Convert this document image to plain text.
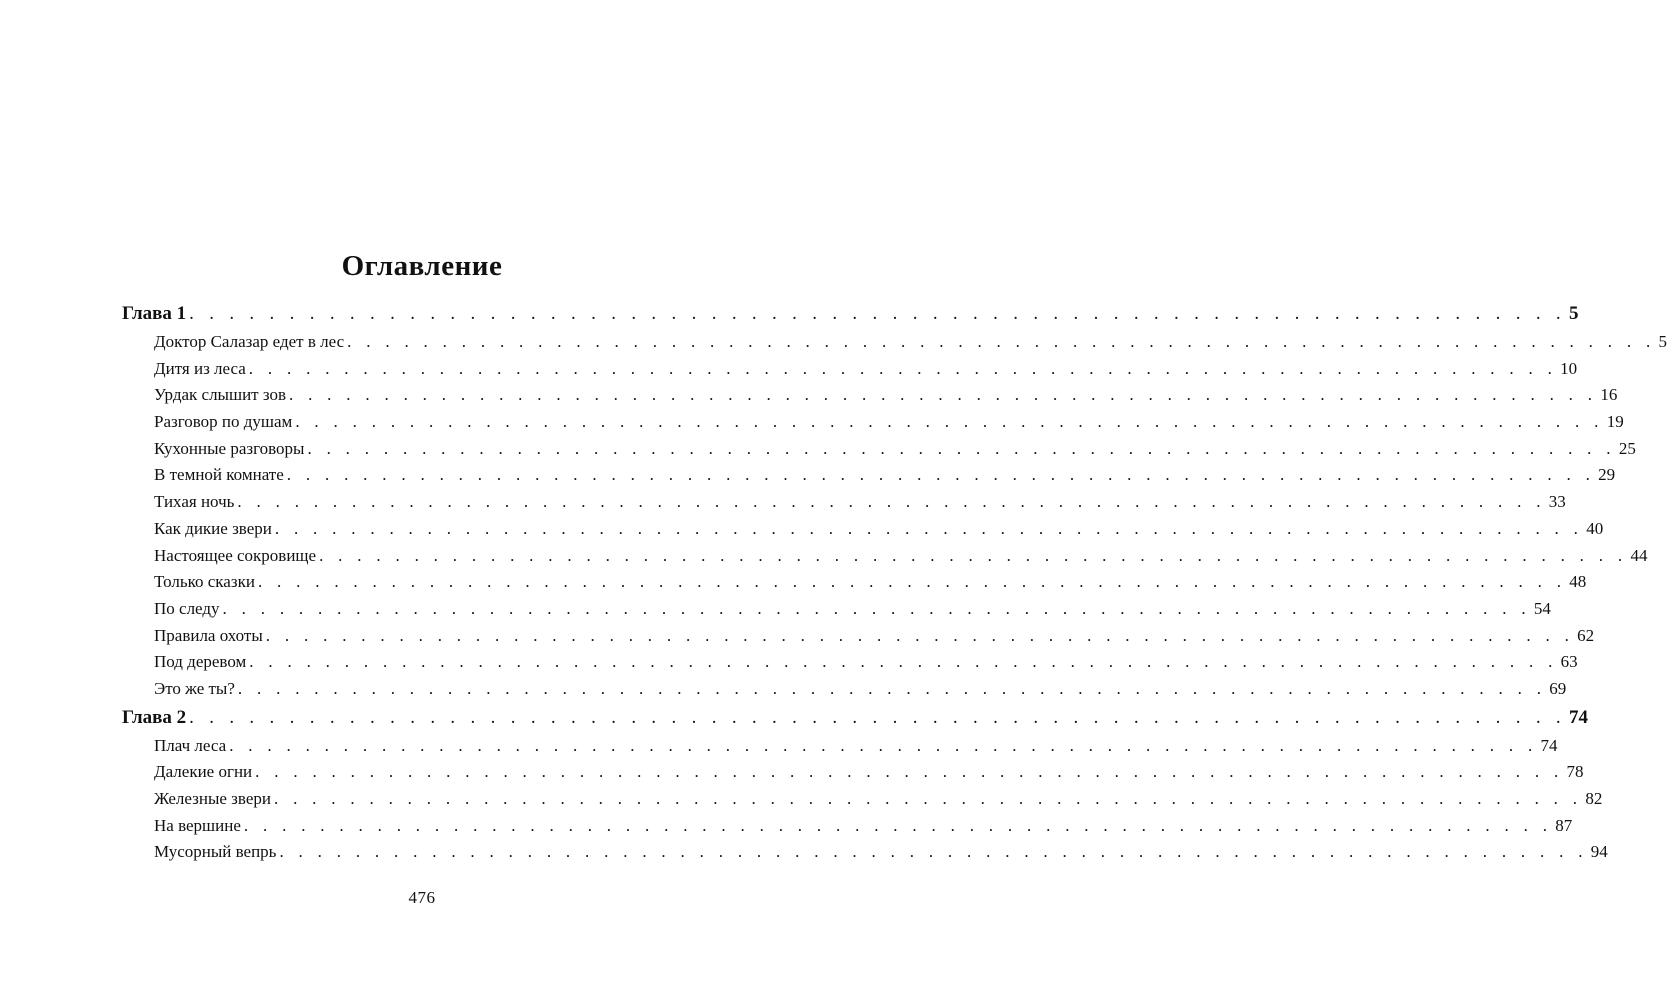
Оглавление
Глава 1 . . . . . . . . . . . . . . . . . . . . . . . . . . . . . . . . . . . . . . . . . . . . . . . . . . . . . . . . . . . . . . . . . . . . . 5
Доктор Салазар едет в лес . . . . . . . . . . . . . . . . . . . . . . . . . . . . . . . . . . . . . . . . . . . . . . . . . . . . . . . . . . . . . . . . . . . . . 5
Дитя из леса . . . . . . . . . . . . . . . . . . . . . . . . . . . . . . . . . . . . . . . . . . . . . . . . . . . . . . . . . . . . . . . . . . . . . 10
Урдак слышит зов . . . . . . . . . . . . . . . . . . . . . . . . . . . . . . . . . . . . . . . . . . . . . . . . . . . . . . . . . . . . . . . . . . . . . 16
Разговор по душам . . . . . . . . . . . . . . . . . . . . . . . . . . . . . . . . . . . . . . . . . . . . . . . . . . . . . . . . . . . . . . . . . . . . . 19
Кухонные разговоры . . . . . . . . . . . . . . . . . . . . . . . . . . . . . . . . . . . . . . . . . . . . . . . . . . . . . . . . . . . . . . . . . . . . . 25
В темной комнате . . . . . . . . . . . . . . . . . . . . . . . . . . . . . . . . . . . . . . . . . . . . . . . . . . . . . . . . . . . . . . . . . . . . . 29
Тихая ночь . . . . . . . . . . . . . . . . . . . . . . . . . . . . . . . . . . . . . . . . . . . . . . . . . . . . . . . . . . . . . . . . . . . . . 33
Как дикие звери . . . . . . . . . . . . . . . . . . . . . . . . . . . . . . . . . . . . . . . . . . . . . . . . . . . . . . . . . . . . . . . . . . . . . 40
Настоящее сокровище . . . . . . . . . . . . . . . . . . . . . . . . . . . . . . . . . . . . . . . . . . . . . . . . . . . . . . . . . . . . . . . . . . . . . 44
Только сказки . . . . . . . . . . . . . . . . . . . . . . . . . . . . . . . . . . . . . . . . . . . . . . . . . . . . . . . . . . . . . . . . . . . . . 48
По следу . . . . . . . . . . . . . . . . . . . . . . . . . . . . . . . . . . . . . . . . . . . . . . . . . . . . . . . . . . . . . . . . . . . . . 54
Правила охоты . . . . . . . . . . . . . . . . . . . . . . . . . . . . . . . . . . . . . . . . . . . . . . . . . . . . . . . . . . . . . . . . . . . . . 62
Под деревом . . . . . . . . . . . . . . . . . . . . . . . . . . . . . . . . . . . . . . . . . . . . . . . . . . . . . . . . . . . . . . . . . . . . . 63
Это же ты? . . . . . . . . . . . . . . . . . . . . . . . . . . . . . . . . . . . . . . . . . . . . . . . . . . . . . . . . . . . . . . . . . . . . . 69
Глава 2 . . . . . . . . . . . . . . . . . . . . . . . . . . . . . . . . . . . . . . . . . . . . . . . . . . . . . . . . . . . . . . . . . . . . . 74
Плач леса . . . . . . . . . . . . . . . . . . . . . . . . . . . . . . . . . . . . . . . . . . . . . . . . . . . . . . . . . . . . . . . . . . . . . 74
Далекие огни . . . . . . . . . . . . . . . . . . . . . . . . . . . . . . . . . . . . . . . . . . . . . . . . . . . . . . . . . . . . . . . . . . . . . 78
Железные звери . . . . . . . . . . . . . . . . . . . . . . . . . . . . . . . . . . . . . . . . . . . . . . . . . . . . . . . . . . . . . . . . . . . . . 82
На вершине . . . . . . . . . . . . . . . . . . . . . . . . . . . . . . . . . . . . . . . . . . . . . . . . . . . . . . . . . . . . . . . . . . . . . 87
Мусорный вепрь . . . . . . . . . . . . . . . . . . . . . . . . . . . . . . . . . . . . . . . . . . . . . . . . . . . . . . . . . . . . . . . . . . . . . 94
476
